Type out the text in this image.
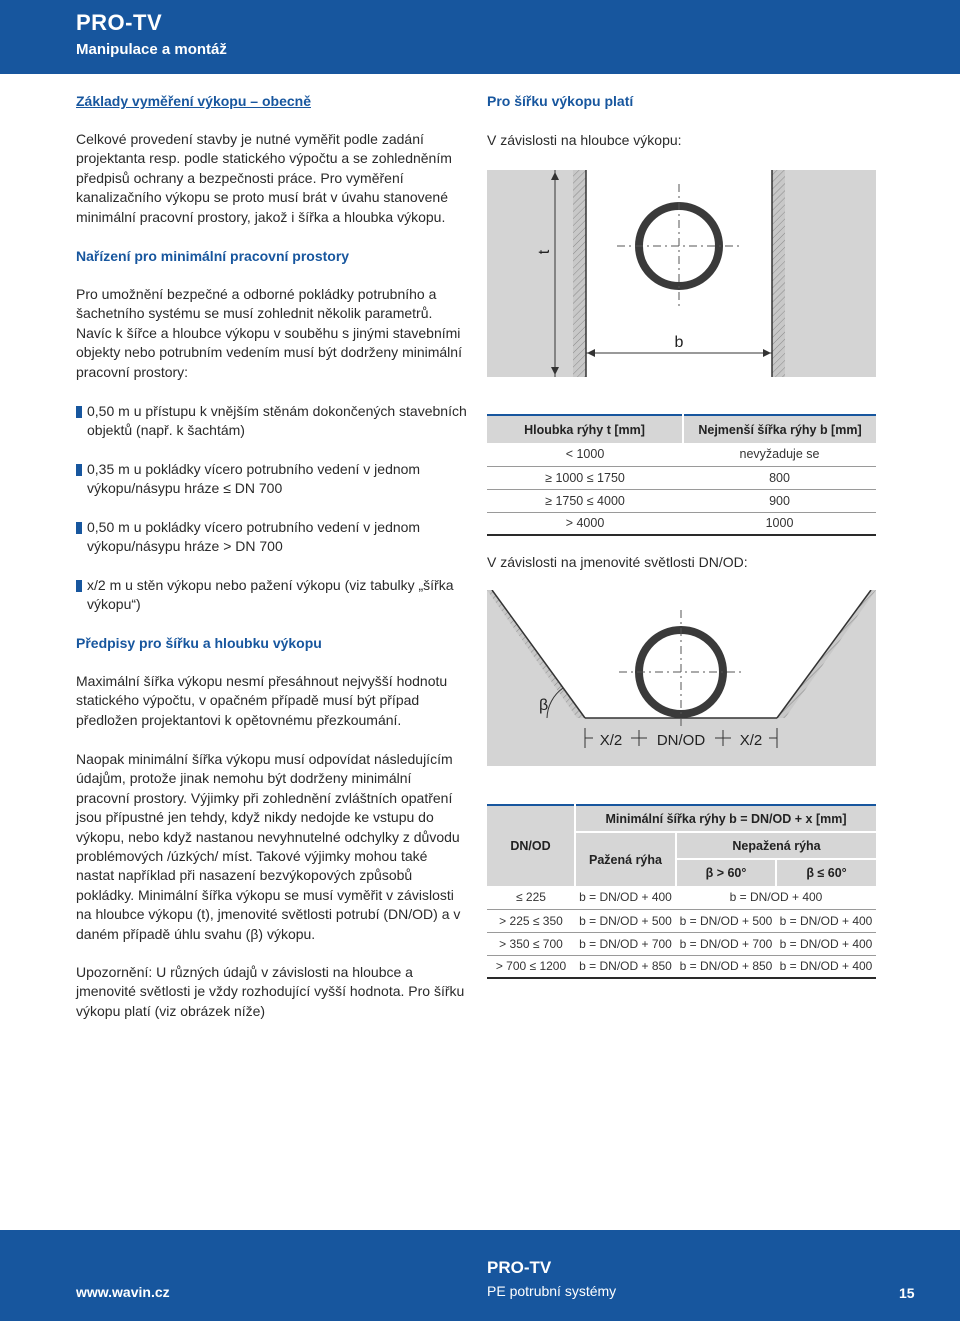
PRO-TV
Manipulace a montáž
Základy vyměření výkopu – obecně
Celkové provedení stavby je nutné vyměřit podle zadání projektanta resp. podle statického výpočtu a se zohledněním předpisů ochrany a bezpečnosti práce. Pro vyměření kanalizačního výkopu se proto musí brát v úvahu stanovené minimální pracovní prostory, jakož i šířka a hloubka výkopu.
Nařízení pro minimální pracovní prostory
Pro umožnění bezpečné a odborné pokládky potrubního a šachetního systému se musí zohlednit několik parametrů. Navíc k šířce a hloubce výkopu v souběhu s jinými stavebními objekty nebo potrubním vedením musí být dodrženy minimální pracovní prostory:
0,50 m u přístupu k vnějším stěnám dokončených stavebních objektů (např. k šachtám)
0,35 m u pokládky vícero potrubního vedení v jednom výkopu/násypu hráze ≤ DN 700
0,50 m u pokládky vícero potrubního vedení v jednom výkopu/násypu hráze > DN 700
x/2 m u stěn výkopu nebo pažení výkopu (viz tabulky „šířka výkopu“)
Předpisy pro šířku a hloubku výkopu
Maximální šířka výkopu nesmí přesáhnout nejvyšší hodnotu statického výpočtu, v opačném případě musí být případ předložen projektantovi k opětovnému přezkoumání.
Naopak minimální šířka výkopu musí odpovídat následujícím údajům, protože jinak nemohu být dodrženy minimální pracovní prostory. Výjimky při zohlednění zvláštních opatření jsou přípustné jen tehdy, když nikdy nedojde ke vstupu do výkopu, nebo když nastanou nevyhnutelné odchylky z důvodu problémových /úzkých/ míst. Takové výjimky mohou také nastat například při nasazení bezvýkopových způsobů pokládky. Minimální šířka výkopu se musí vyměřit v závislosti na hloubce výkopu (t), jmenovité světlosti potrubí (DN/OD) a v daném případě úhlu svahu (β) výkopu.
Upozornění: U různých údajů v závislosti na hloubce a jmenovité světlosti je vždy rozhodující vyšší hodnota. Pro šířku výkopu platí (viz obrázek níže)
Pro šířku výkopu platí
V závislosti na hloubce výkopu:
t
b
Hloubka rýhy t [mm]	Nejmenší šířka rýhy b [mm]
< 1000	nevyžaduje se
≥ 1000 ≤ 1750	800
≥ 1750 ≤ 4000	900
> 4000	1000
V závislosti na jmenovité světlosti DN/OD:
β
X/2 DN/OD X/2
DN/OD	Minimální šířka rýhy b = DN/OD + x [mm]		
	Pažená rýha	Nepažená rýha	
		β > 60°	β ≤ 60°
≤ 225	b = DN/OD + 400	b = DN/OD + 400	
> 225 ≤ 350	b = DN/OD + 500	b = DN/OD + 500	b = DN/OD + 400
> 350 ≤ 700	b = DN/OD + 700	b = DN/OD + 700	b = DN/OD + 400
> 700 ≤ 1200	b = DN/OD + 850	b = DN/OD + 850	b = DN/OD + 400
www.wavin.cz
PRO-TV
PE potrubní systémy	15
